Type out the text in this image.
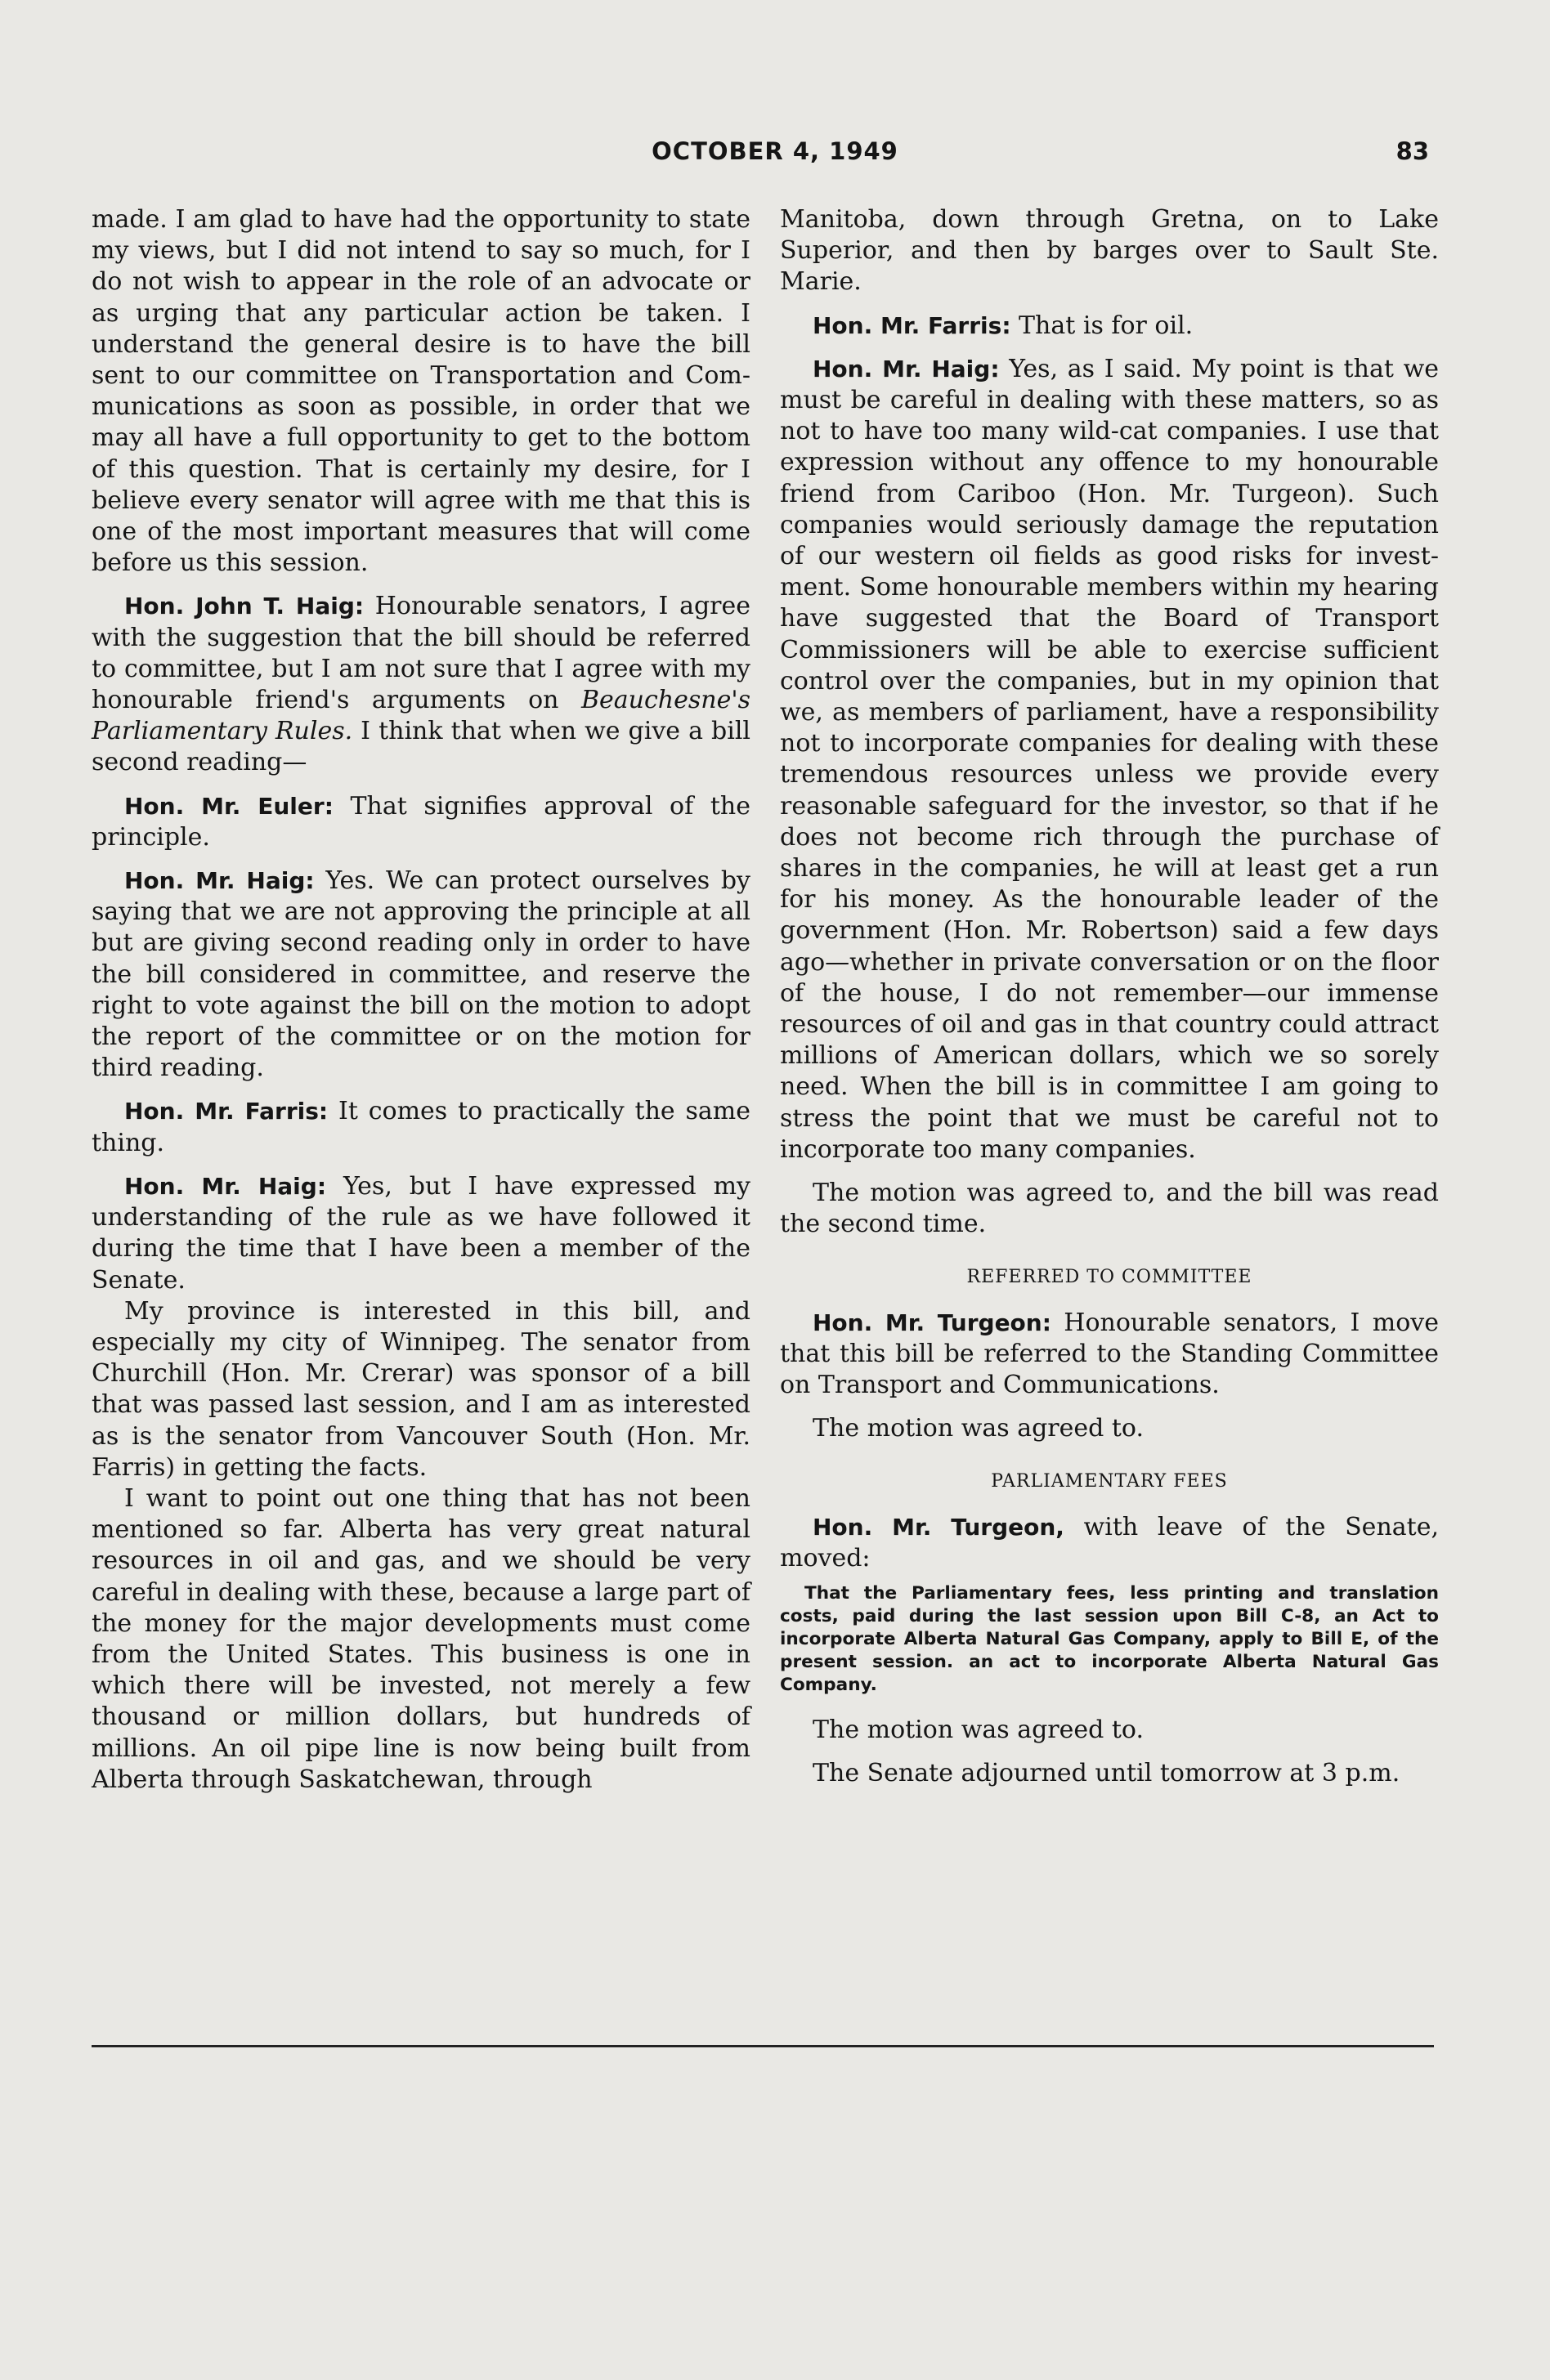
OCTOBER 4, 1949	83

made. I am glad to have had the opportunity to state my views, but I did not intend to say so much, for I do not wish to appear in the role of an advocate or as urging that any particular action be taken. I understand the general desire is to have the bill sent to our committee on Transportation and Communications as soon as possible, in order that we may all have a full opportunity to get to the bottom of this question. That is certainly my desire, for I believe every senator will agree with me that this is one of the most important measures that will come before us this session.

Hon. John T. Haig: Honourable senators, I agree with the suggestion that the bill should be referred to committee, but I am not sure that I agree with my honourable friend's arguments on Beauchesne's Parliamentary Rules. I think that when we give a bill second reading—

Hon. Mr. Euler: That signifies approval of the principle.

Hon. Mr. Haig: Yes. We can protect ourselves by saying that we are not approving the principle at all but are giving second reading only in order to have the bill considered in committee, and reserve the right to vote against the bill on the motion to adopt the report of the committee or on the motion for third reading.

Hon. Mr. Farris: It comes to practically the same thing.

Hon. Mr. Haig: Yes, but I have expressed my understanding of the rule as we have followed it during the time that I have been a member of the Senate.

My province is interested in this bill, and especially my city of Winnipeg. The senator from Churchill (Hon. Mr. Crerar) was sponsor of a bill that was passed last session, and I am as interested as is the senator from Vancouver South (Hon. Mr. Farris) in getting the facts.

I want to point out one thing that has not been mentioned so far. Alberta has very great natural resources in oil and gas, and we should be very careful in dealing with these, because a large part of the money for the major developments must come from the United States. This business is one in which there will be invested, not merely a few thousand or million dollars, but hundreds of millions. An oil pipe line is now being built from Alberta through Saskatchewan, through

Manitoba, down through Gretna, on to Lake Superior, and then by barges over to Sault Ste. Marie.

Hon. Mr. Farris: That is for oil.

Hon. Mr. Haig: Yes, as I said. My point is that we must be careful in dealing with these matters, so as not to have too many wild-cat companies. I use that expression without any offence to my honourable friend from Cariboo (Hon. Mr. Turgeon). Such companies would seriously damage the reputation of our western oil fields as good risks for investment. Some honourable members within my hearing have suggested that the Board of Transport Commissioners will be able to exercise sufficient control over the companies, but in my opinion that we, as members of parliament, have a responsibility not to incorporate companies for dealing with these tremendous resources unless we provide every reasonable safeguard for the investor, so that if he does not become rich through the purchase of shares in the companies, he will at least get a run for his money. As the honourable leader of the government (Hon. Mr. Robertson) said a few days ago—whether in private conversation or on the floor of the house, I do not remember—our immense resources of oil and gas in that country could attract millions of American dollars, which we so sorely need. When the bill is in committee I am going to stress the point that we must be careful not to incorporate too many companies.

The motion was agreed to, and the bill was read the second time.

REFERRED TO COMMITTEE

Hon. Mr. Turgeon: Honourable senators, I move that this bill be referred to the Standing Committee on Transport and Communications.

The motion was agreed to.

PARLIAMENTARY FEES

Hon. Mr. Turgeon, with leave of the Senate, moved:

That the Parliamentary fees, less printing and translation costs, paid during the last session upon Bill C-8, an Act to incorporate Alberta Natural Gas Company, apply to Bill E, of the present session. an act to incorporate Alberta Natural Gas Company.

The motion was agreed to.

The Senate adjourned until tomorrow at 3 p.m.
